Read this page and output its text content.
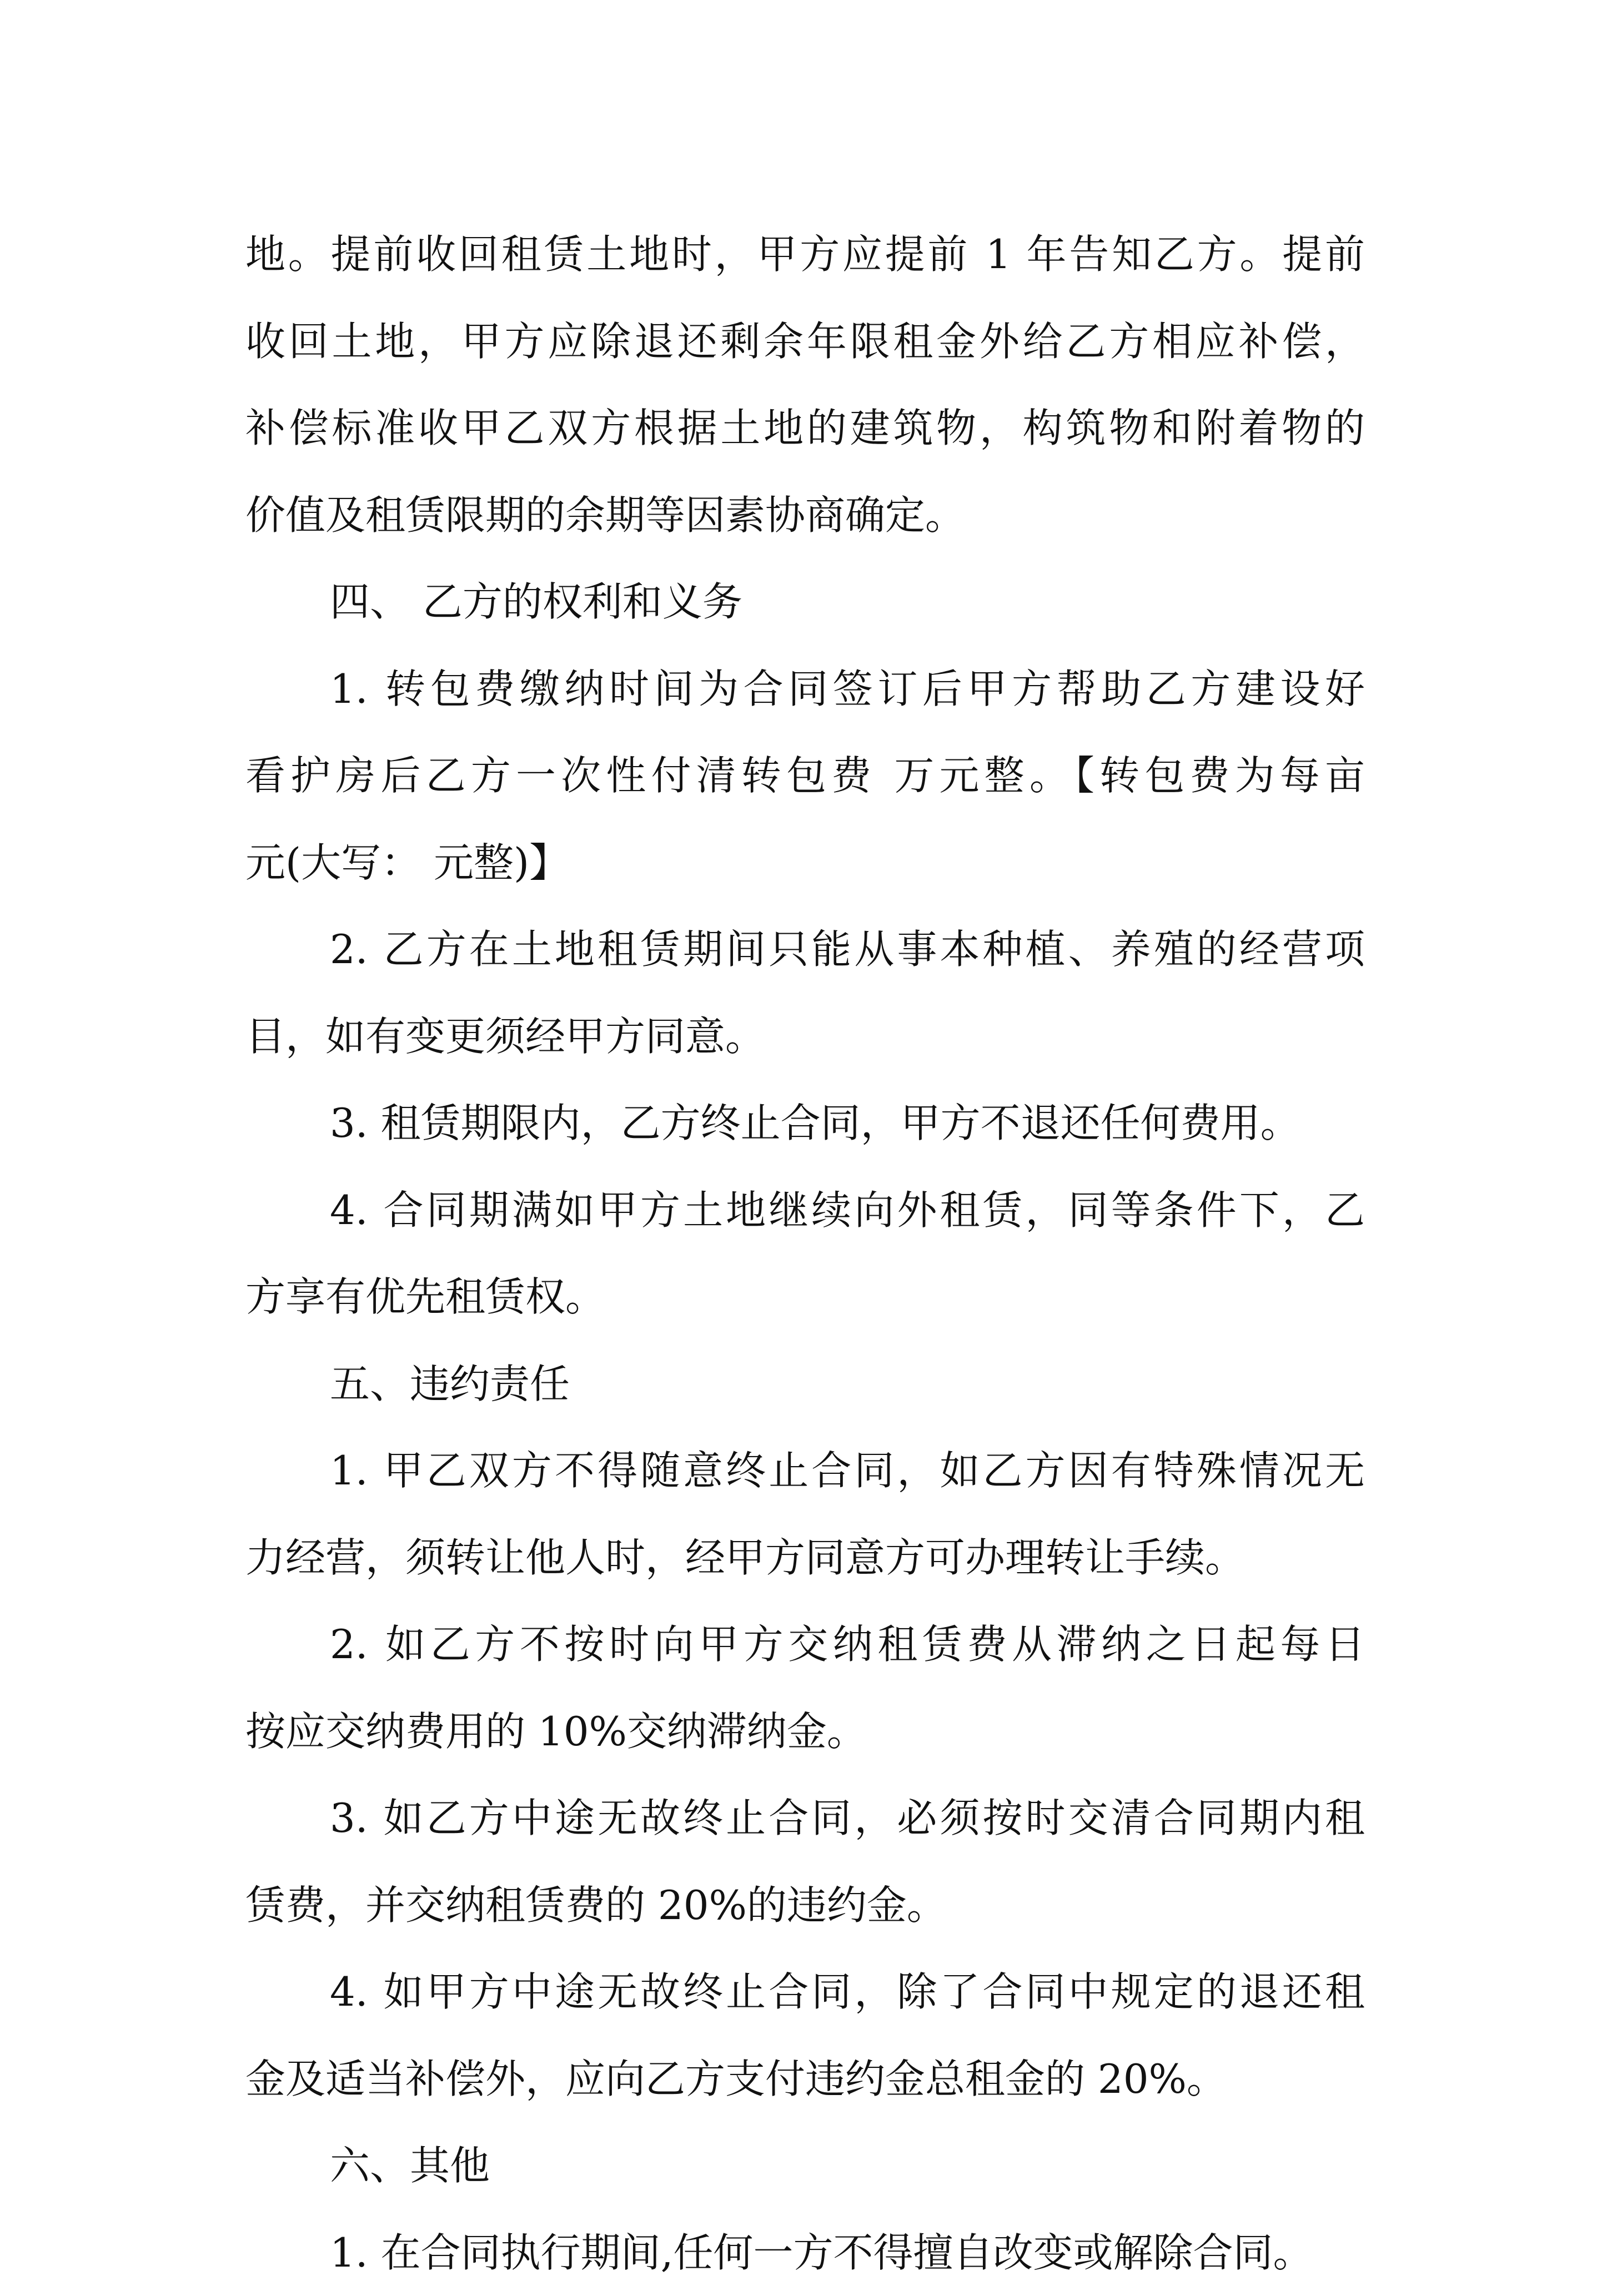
地。提前收回租赁土地时，甲方应提前 1 年告知乙方。提前
收回土地，甲方应除退还剩余年限租金外给乙方相应补偿，
补偿标准收甲乙双方根据土地的建筑物，构筑物和附着物的
价值及租赁限期的余期等因素协商确定。
四、 乙方的权利和义务
1. 转包费缴纳时间为合同签订后甲方帮助乙方建设好
看护房后乙方一次性付清转包费 万元整。【转包费为每亩
元(大写： 元整)】
2. 乙方在土地租赁期间只能从事本种植、养殖的经营项
目，如有变更须经甲方同意。
3. 租赁期限内，乙方终止合同，甲方不退还任何费用。
4. 合同期满如甲方土地继续向外租赁，同等条件下，乙
方享有优先租赁权。
五、违约责任
1. 甲乙双方不得随意终止合同，如乙方因有特殊情况无
力经营，须转让他人时，经甲方同意方可办理转让手续。
2. 如乙方不按时向甲方交纳租赁费从滞纳之日起每日
按应交纳费用的 10%交纳滞纳金。
3. 如乙方中途无故终止合同，必须按时交清合同期内租
赁费，并交纳租赁费的 20%的违约金。
4. 如甲方中途无故终止合同，除了合同中规定的退还租
金及适当补偿外，应向乙方支付违约金总租金的 20%。
六、其他
1. 在合同执行期间,任何一方不得擅自改变或解除合同。
